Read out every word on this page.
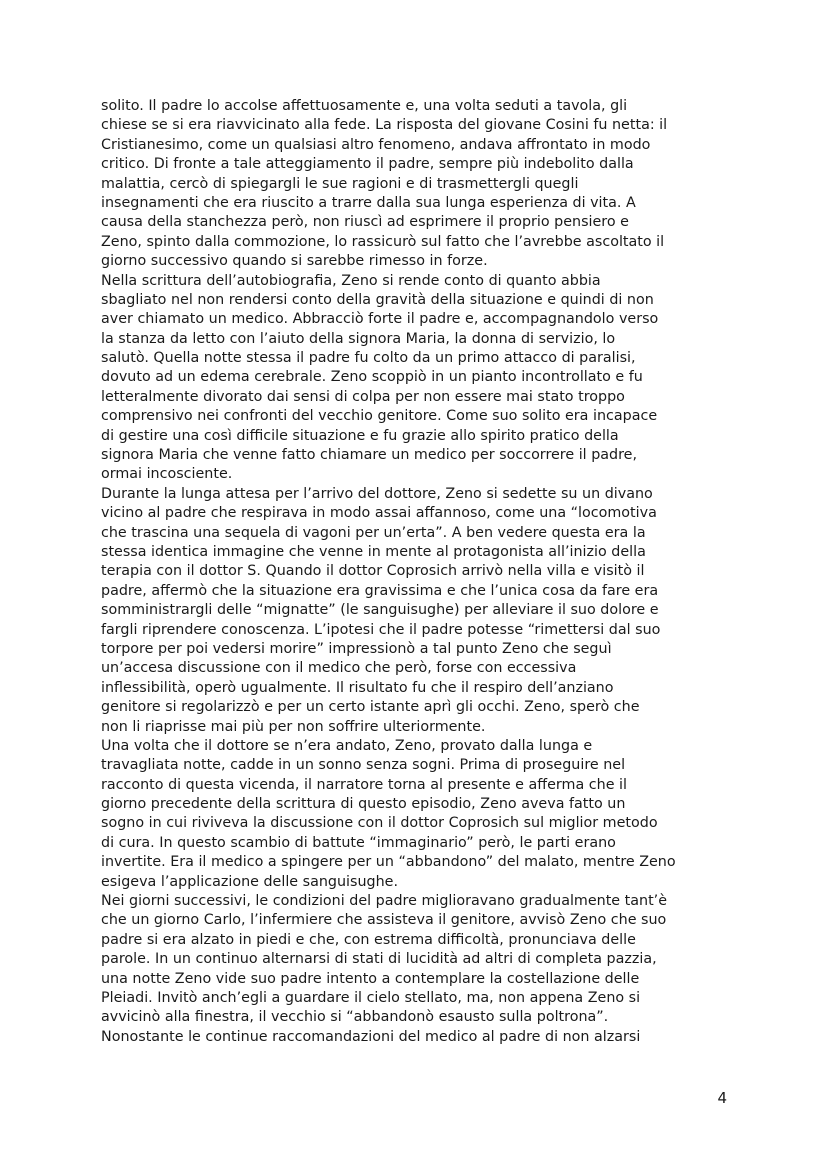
solito. Il padre lo accolse affettuosamente e, una volta seduti a tavola, gli
chiese se si era riavvicinato alla fede. La risposta del giovane Cosini fu netta: il
Cristianesimo, come un qualsiasi altro fenomeno, andava affrontato in modo
critico. Di fronte a tale atteggiamento il padre, sempre più indebolito dalla
malattia, cercò di spiegargli le sue ragioni e di trasmettergli quegli
insegnamenti che era riuscito a trarre dalla sua lunga esperienza di vita. A
causa della stanchezza però, non riuscì ad esprimere il proprio pensiero e
Zeno, spinto dalla commozione, lo rassicurò sul fatto che l’avrebbe ascoltato il
giorno successivo quando si sarebbe rimesso in forze.
Nella scrittura dell’autobiografia, Zeno si rende conto di quanto abbia
sbagliato nel non rendersi conto della gravità della situazione e quindi di non
aver chiamato un medico. Abbracciò forte il padre e, accompagnandolo verso
la stanza da letto con l’aiuto della signora Maria, la donna di servizio, lo
salutò. Quella notte stessa il padre fu colto da un primo attacco di paralisi,
dovuto ad un edema cerebrale. Zeno scoppiò in un pianto incontrollato e fu
letteralmente divorato dai sensi di colpa per non essere mai stato troppo
comprensivo nei confronti del vecchio genitore. Come suo solito era incapace
di gestire una così difficile situazione e fu grazie allo spirito pratico della
signora Maria che venne fatto chiamare un medico per soccorrere il padre,
ormai incosciente.
Durante la lunga attesa per l’arrivo del dottore, Zeno si sedette su un divano
vicino al padre che respirava in modo assai affannoso, come una “locomotiva
che trascina una sequela di vagoni per un’erta”. A ben vedere questa era la
stessa identica immagine che venne in mente al protagonista all’inizio della
terapia con il dottor S. Quando il dottor Coprosich arrivò nella villa e visitò il
padre, affermò che la situazione era gravissima e che l’unica cosa da fare era
somministrargli delle “mignatte” (le sanguisughe) per alleviare il suo dolore e
fargli riprendere conoscenza. L’ipotesi che il padre potesse “rimettersi dal suo
torpore per poi vedersi morire” impressionò a tal punto Zeno che seguì
un’accesa discussione con il medico che però, forse con eccessiva
inflessibilità, operò ugualmente. Il risultato fu che il respiro dell’anziano
genitore si regolarizzò e per un certo istante aprì gli occhi. Zeno, sperò che
non li riaprisse mai più per non soffrire ulteriormente.
Una volta che il dottore se n’era andato, Zeno, provato dalla lunga e
travagliata notte, cadde in un sonno senza sogni. Prima di proseguire nel
racconto di questa vicenda, il narratore torna al presente e afferma che il
giorno precedente della scrittura di questo episodio, Zeno aveva fatto un
sogno in cui riviveva la discussione con il dottor Coprosich sul miglior metodo
di cura. In questo scambio di battute “immaginario” però, le parti erano
invertite. Era il medico a spingere per un “abbandono” del malato, mentre Zeno
esigeva l’applicazione delle sanguisughe.
Nei giorni successivi, le condizioni del padre miglioravano gradualmente tant’è
che un giorno Carlo, l’infermiere che assisteva il genitore, avvisò Zeno che suo
padre si era alzato in piedi e che, con estrema difficoltà, pronunciava delle
parole. In un continuo alternarsi di stati di lucidità ad altri di completa pazzia,
una notte Zeno vide suo padre intento a contemplare la costellazione delle
Pleiadi. Invitò anch’egli a guardare il cielo stellato, ma, non appena Zeno si
avvicinò alla finestra, il vecchio si “abbandonò esausto sulla poltrona”.
Nonostante le continue raccomandazioni del medico al padre di non alzarsi
4
